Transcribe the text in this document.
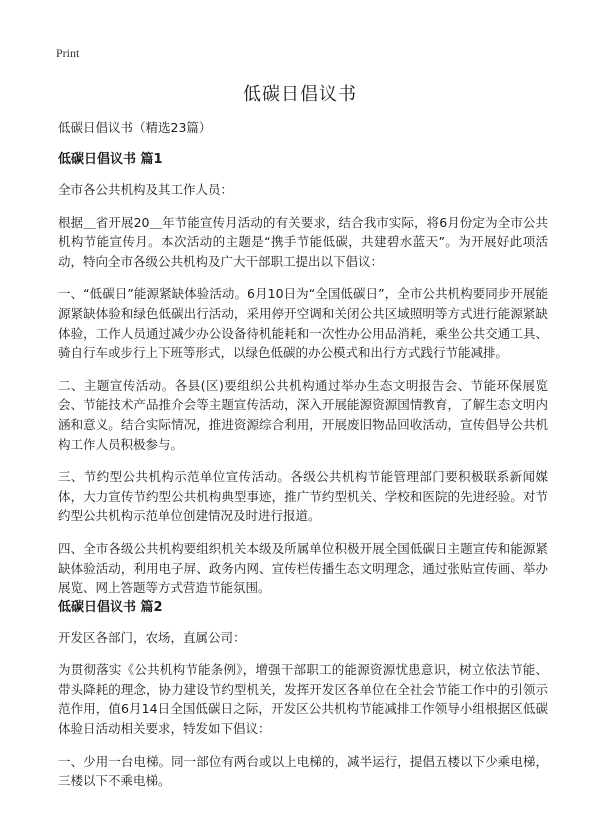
Print
低碳日倡议书

低碳日倡议书（精选23篇）

低碳日倡议书 篇1

全市各公共机构及其工作人员：

根据＿省开展20＿年节能宣传月活动的有关要求，结合我市实际，将6月份定为全市公共机构节能宣传月。本次活动的主题是“携手节能低碳，共建碧水蓝天”。为开展好此项活动，特向全市各级公共机构及广大干部职工提出以下倡议：

一、“低碳日”能源紧缺体验活动。6月10日为“全国低碳日”，全市公共机构要同步开展能源紧缺体验和绿色低碳出行活动，采用停开空调和关闭公共区域照明等方式进行能源紧缺体验，工作人员通过减少办公设备待机能耗和一次性办公用品消耗，乘坐公共交通工具、骑自行车或步行上下班等形式，以绿色低碳的办公模式和出行方式践行节能减排。

二、主题宣传活动。各县(区)要组织公共机构通过举办生态文明报告会、节能环保展览会、节能技术产品推介会等主题宣传活动，深入开展能源资源国情教育，了解生态文明内涵和意义。结合实际情况，推进资源综合利用，开展废旧物品回收活动，宣传倡导公共机构工作人员积极参与。

三、节约型公共机构示范单位宣传活动。各级公共机构节能管理部门要积极联系新闻媒体，大力宣传节约型公共机构典型事迹，推广节约型机关、学校和医院的先进经验。对节约型公共机构示范单位创建情况及时进行报道。

四、全市各级公共机构要组织机关本级及所属单位积极开展全国低碳日主题宣传和能源紧缺体验活动，利用电子屏、政务内网、宣传栏传播生态文明理念，通过张贴宣传画、举办展览、网上答题等方式营造节能氛围。

低碳日倡议书 篇2

开发区各部门，农场，直属公司：

为贯彻落实《公共机构节能条例》，增强干部职工的能源资源忧患意识，树立依法节能、带头降耗的理念，协力建设节约型机关，发挥开发区各单位在全社会节能工作中的引领示范作用，值6月14日全国低碳日之际，开发区公共机构节能减排工作领导小组根据区低碳体验日活动相关要求，特发如下倡议：

一、少用一台电梯。同一部位有两台或以上电梯的，减半运行，提倡五楼以下少乘电梯，三楼以下不乘电梯。
